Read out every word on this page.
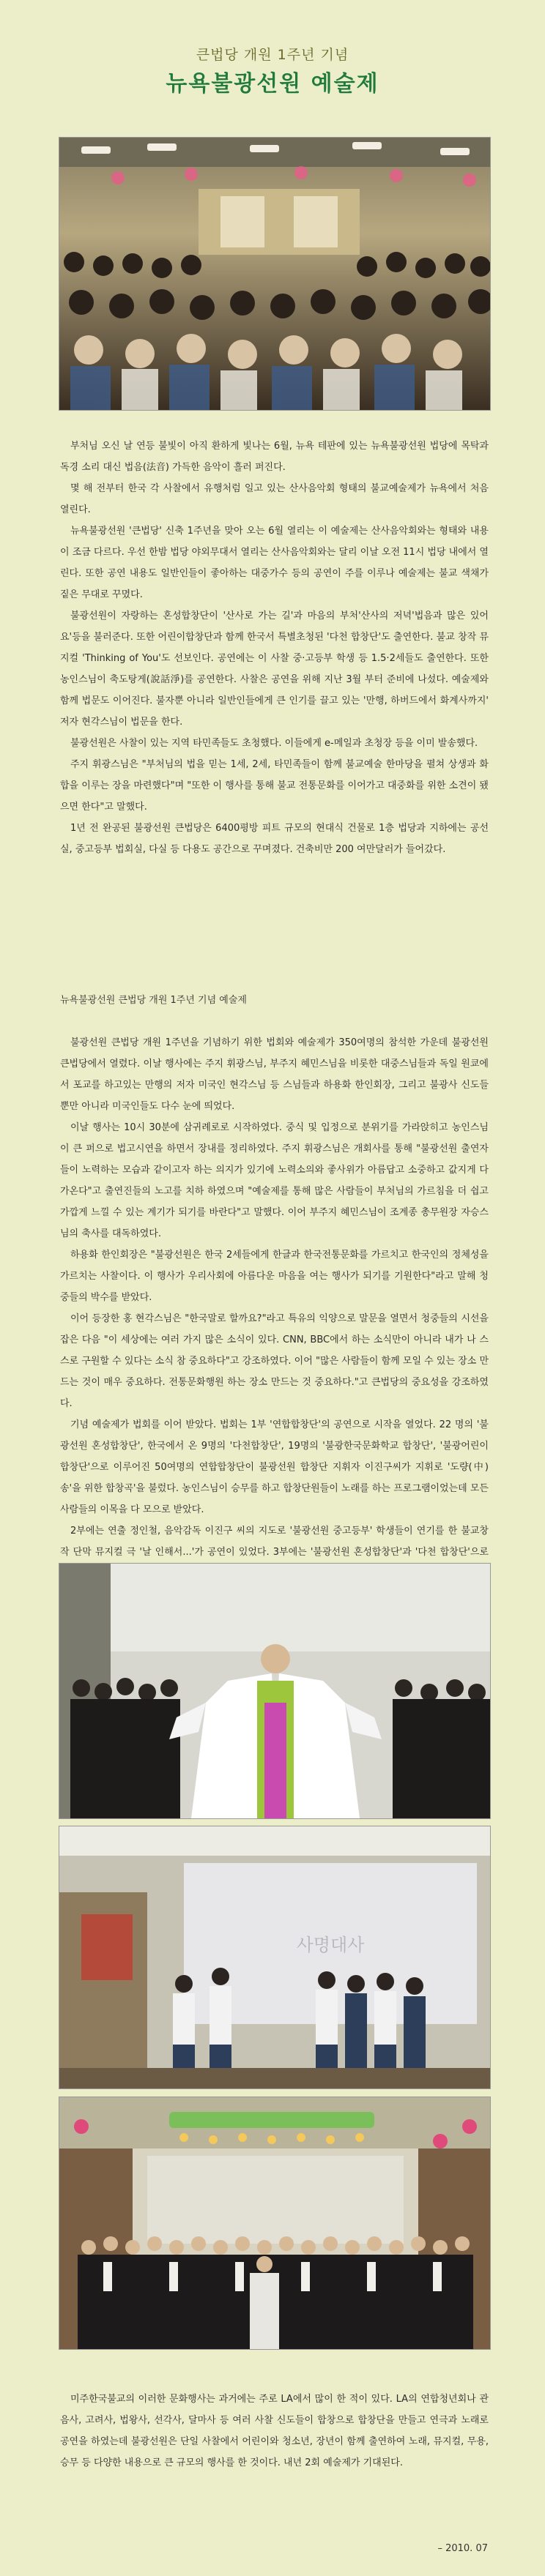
큰법당 개원 1주년 기념
뉴욕불광선원 예술제

부처님 오신 날 연등 불빛이 아직 환하게 빛나는 6월, 뉴욕 테판에 있는 뉴욕불광선원 법당에 목탁과 독경 소리 대신 법음(法音) 가득한 음악이 흘러 퍼진다.

몇 해 전부터 한국 각 사찰에서 유행처럼 일고 있는 산사음악회 형태의 불교예술제가 뉴욕에서 처음 열린다.

뉴욕불광선원 '큰법당' 신축 1주년을 맞아 오는 6월 열리는 이 예술제는 산사음악회와는 형태와 내용이 조금 다르다. 우선 한밤 법당 야외무대서 열리는 산사음악회와는 달리 이날 오전 11시 법당 내에서 열린다. 또한 공연 내용도 일반인들이 좋아하는 대중가수 등의 공연이 주를 이루나 예술제는 불교 색채가 짙은 무대로 꾸몄다.

불광선원이 자랑하는 혼성합창단이 '산사로 가는 길'과 마음의 부처'산사의 저녁'법음과 많은 있어요'등을 불러준다. 또한 어린이합창단과 함께 한국서 특별초청된 '다천 합창단'도 출연한다. 불교 창작 뮤지컬 'Thinking of You'도 선보인다. 공연에는 이 사찰 중·고등부 학생 등 1.5·2세들도 출연한다. 또한 농인스님이 축도탕게(說話淨)를 공연한다. 사찰은 공연을 위해 지난 3월 부터 준비에 나섰다. 예술제와 함께 법문도 이어진다. 불자뿐 아니라 일반인들에게 큰 인기를 끌고 있는 '만행, 하버드에서 화계사까지' 저자 현각스님이 법문을 한다.

불광선원은 사찰이 있는 지역 타민족들도 초청했다. 이들에게 e-메일과 초청장 등을 이미 발송했다.

주지 휘광스님은 "부처님의 법을 믿는 1세, 2세, 타민족들이 함께 불교예술 한마당을 펼쳐 상생과 화합을 이루는 장을 마련했다"며 "또한 이 행사를 통해 불교 전통문화를 이어가고 대중화를 위한 소견이 됐으면 한다"고 말했다.

1년 전 완공된 불광선원 큰법당은 6400평방 피트 규모의 현대식 건물로 1층 법당과 지하에는 공선실, 중고등부 법회실, 다실 등 다용도 공간으로 꾸며졌다. 건축비만 200 여만달러가 들어갔다.

뉴욕불광선원 큰법당 개원 1주년 기념 예술제

불광선원 큰법당 개원 1주년을 기념하기 위한 법회와 예술제가 350여명의 참석한 가운데 불광선원 큰법당에서 열렸다. 이날 행사에는 주지 휘광스님, 부주지 혜민스님을 비롯한 대중스님들과 독일 원쿄에서 포교를 하고있는 만행의 저자 미국인 현각스님 등 스님들과 하용화 한인회장, 그리고 불광사 신도들 뿐만 아니라 미국인들도 다수 눈에 띄었다.

이날 행사는 10시 30분에 삼귀례로로 시작하였다. 중식 및 입정으로 분위기를 가라앉히고 농인스님이 큰 퍼으로 법고시연을 하면서 장내를 정리하였다. 주지 휘광스님은 개회사를 통해 "불광선원 출연자들이 노력하는 모습과 같이고자 하는 의지가 있기에 노력소의와 좋사위가 아름답고 소중하고 값지게 다가온다"고 출연진들의 노고를 치하 하였으며 "예술제를 통해 많은 사람들이 부처님의 가르침을 더 쉽고 가깝게 느낄 수 있는 계기가 되기를 바란다"고 말했다. 이어 부주지 혜민스님이 조계종 총무원장 자승스님의 축사를 대독하였다.

하용화 한인회장은 "불광선원은 한국 2세들에게 한글과 한국전통문화를 가르치고 한국인의 정체성을 가르치는 사찰이다. 이 행사가 우리사회에 아름다운 마음을 여는 행사가 되기를 기원한다"라고 말해 청중들의 박수를 받았다.

이어 등장한 홍 현각스님은 "한국말로 할까요?"라고 특유의 익양으로 말문을 열면서 청중들의 시선을 잡은 다음 "이 세상에는 여러 가지 많은 소식이 있다. CNN, BBC에서 하는 소식만이 아니라 내가 나 스스로 구원할 수 있다는 소식 참 중요하다"고 강조하였다. 이어 "많은 사람들이 함께 모일 수 있는 장소 만드는 것이 매우 중요하다. 전통문화행원 하는 장소 만드는 것 중요하다."고 큰법당의 중요성을 강조하였다.

기념 예술제가 법회를 이어 받았다. 법회는 1부 '연합합창단'의 공연으로 시작을 열었다. 22 명의 '불광선원 혼성합창단', 한국에서 온 9명의 '다천합창단', 19명의 '불광한국문화학교 합창단', '불광어린이 합창단'으로 이루어진 50여명의 연합합창단이 불광선원 합창단 지휘자 이진구씨가 지휘로 '도량(中)송'을 위한 합창곡'을 불렀다. 농인스님이 승무를 하고 합창단원들이 노래를 하는 프로그램이었는데 모든 사람들의 이목을 다 모으로 받았다.

2부에는 연출 정인철, 음악감독 이진구 씨의 지도로 '불광선원 중고등부' 학생들이 연기를 한 불교창작 단막 뮤지컬 극 '날 인해서...'가 공연이 있었다. 3부에는 '불광선원 혼성합창단'과 '다천 합창단'으로

사명대사

미주한국불교의 이러한 문화행사는 과거에는 주로 LA에서 많이 한 적이 있다. LA의 연합청년회나 관음사, 고려사, 법왕사, 선각사, 달마사 등 여러 사찰 신도들이 합창으로 합창단을 만들고 연극과 노래로 공연을 하였는데 불광선원은 단일 사찰에서 어린이와 청소년, 장년이 함께 출연하여 노래, 뮤지컬, 무용, 승무 등 다양한 내용으로 큰 규모의 행사를 한 것이다. 내년 2회 예술제가 기대된다.

– 2010. 07
